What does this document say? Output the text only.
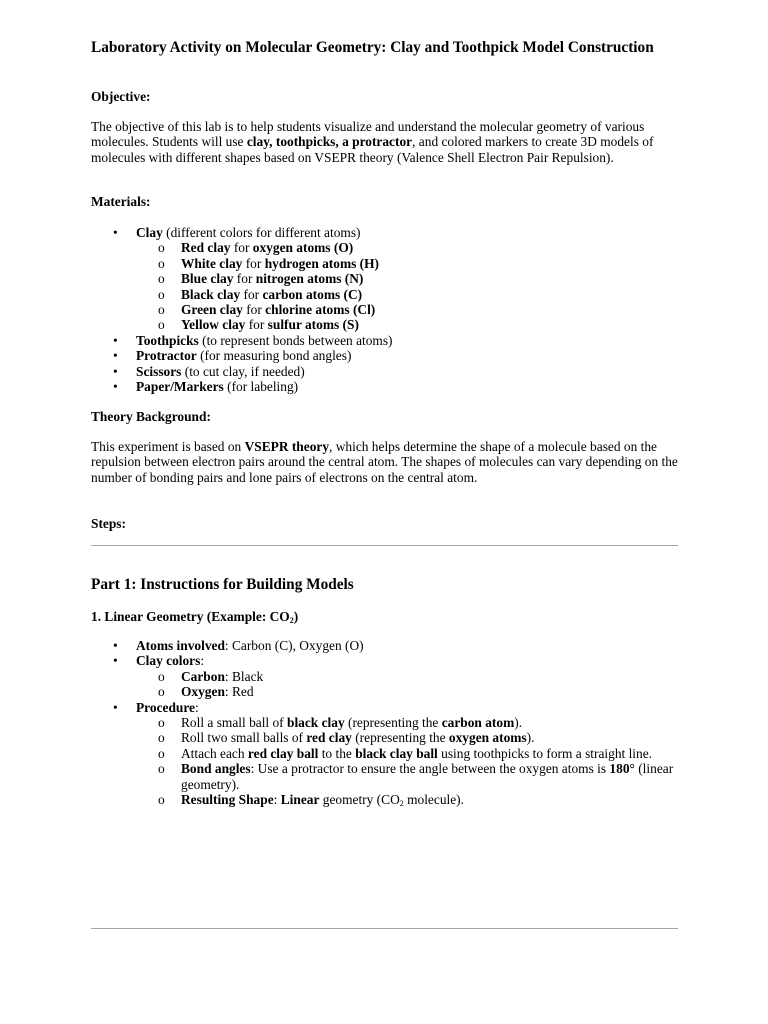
Laboratory Activity on Molecular Geometry: Clay and Toothpick Model Construction
Objective:
The objective of this lab is to help students visualize and understand the molecular geometry of various molecules. Students will use clay, toothpicks, a protractor, and colored markers to create 3D models of molecules with different shapes based on VSEPR theory (Valence Shell Electron Pair Repulsion).
Materials:
• Clay (different colors for different atoms)
o Red clay for oxygen atoms (O)
o White clay for hydrogen atoms (H)
o Blue clay for nitrogen atoms (N)
o Black clay for carbon atoms (C)
o Green clay for chlorine atoms (Cl)
o Yellow clay for sulfur atoms (S)
• Toothpicks (to represent bonds between atoms)
• Protractor (for measuring bond angles)
• Scissors (to cut clay, if needed)
• Paper/Markers (for labeling)
Theory Background:
This experiment is based on VSEPR theory, which helps determine the shape of a molecule based on the repulsion between electron pairs around the central atom. The shapes of molecules can vary depending on the number of bonding pairs and lone pairs of electrons on the central atom.
Steps:
Part 1: Instructions for Building Models
1. Linear Geometry (Example: $CO_2$)
• Atoms involved: Carbon (C), Oxygen (O)
• Clay colors:
o Carbon: Black
o Oxygen: Red
• Procedure:
o Roll a small ball of black clay (representing the carbon atom).
o Roll two small balls of red clay (representing the oxygen atoms).
o Attach each red clay ball to the black clay ball using toothpicks to form a straight line.
o Bond angles: Use a protractor to ensure the angle between the oxygen atoms is 180° (linear geometry).
o Resulting Shape: Linear geometry ($CO_2$ molecule).
